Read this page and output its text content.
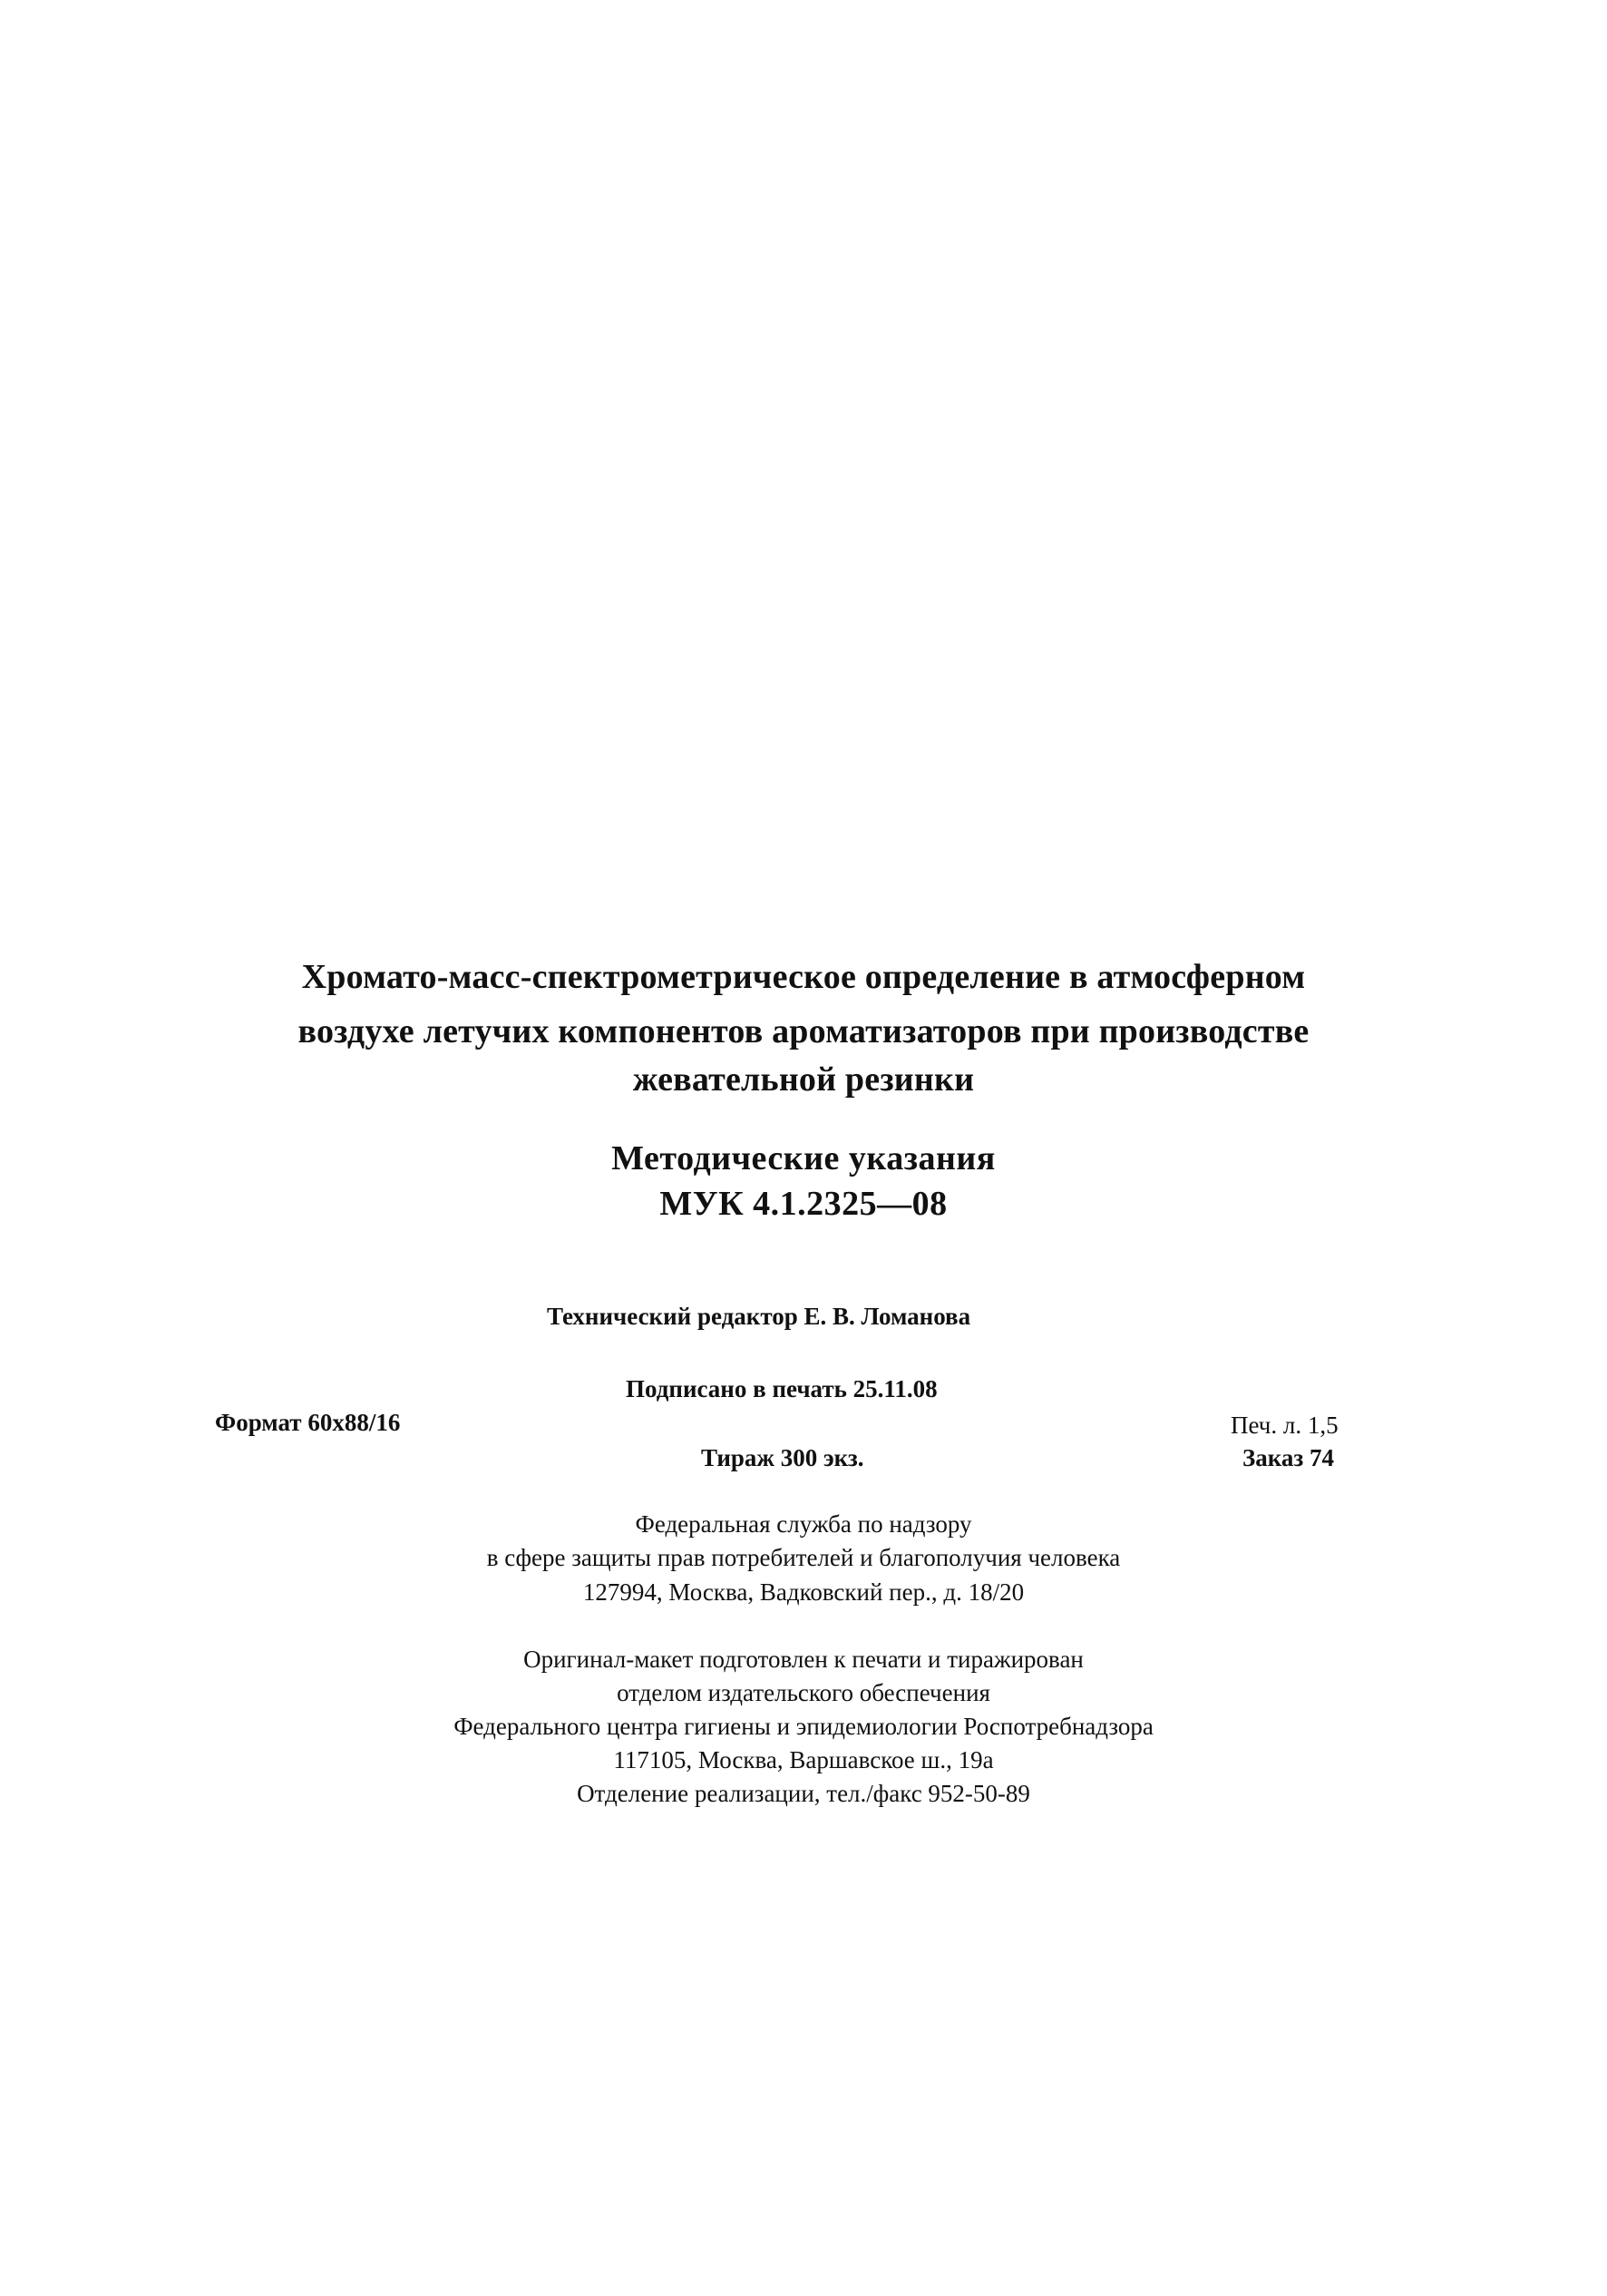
Хромато-масс-спектрометрическое определение в атмосферном
воздухе летучих компонентов ароматизаторов при производстве
жевательной резинки
Методические указания
МУК 4.1.2325—08
Технический редактор Е. В. Ломанова
Подписано в печать 25.11.08
Формат 60х88/16	Печ. л. 1,5
Тираж 300 экз.	Заказ 74
Федеральная служба по надзору
в сфере защиты прав потребителей и благополучия человека
127994, Москва, Вадковский пер., д. 18/20
Оригинал-макет подготовлен к печати и тиражирован
отделом издательского обеспечения
Федерального центра гигиены и эпидемиологии Роспотребнадзора
117105, Москва, Варшавское ш., 19а
Отделение реализации, тел./факс 952-50-89
